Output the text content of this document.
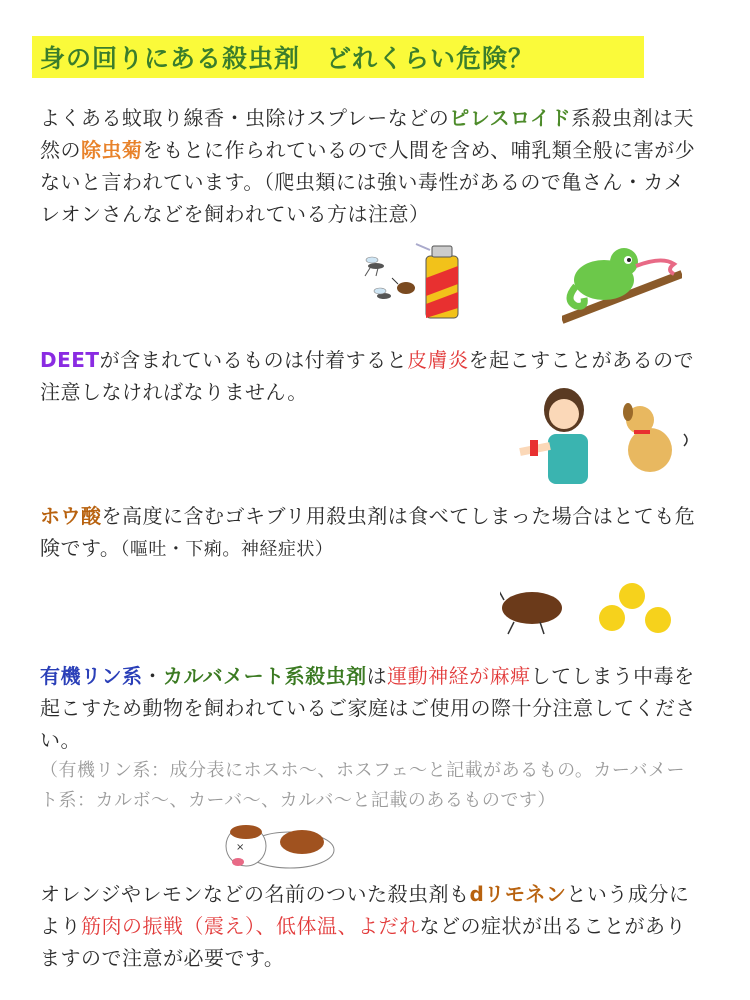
身の回りにある殺虫剤　どれくらい危険？
よくある蚊取り線香・虫除けスプレーなどのピレスロイド系殺虫剤は天然の除虫菊をもとに作られているので人間を含め、哺乳類全般に害が少ないと言われています。（爬虫類には強い毒性があるので亀さん・カメレオンさんなどを飼われている方は注意）
DEETが含まれているものは付着すると皮膚炎を起こすことがあるので注意しなければなりません。
ホウ酸を高度に含むゴキブリ用殺虫剤は食べてしまった場合はとても危険です。（嘔吐・下痢。神経症状）
有機リン系・カルバメート系殺虫剤は運動神経が麻痺してしまう中毒を起こすため動物を飼われているご家庭はご使用の際十分注意してください。
（有機リン系：成分表にホスホ〜、ホスフェ〜と記載があるもの。カーバメート系：カルボ〜、カーバ〜、カルバ〜と記載のあるものです）
×
オレンジやレモンなどの名前のついた殺虫剤もdリモネンという成分により筋肉の振戦（震え）、低体温、よだれなどの症状が出ることがありますので注意が必要です。
